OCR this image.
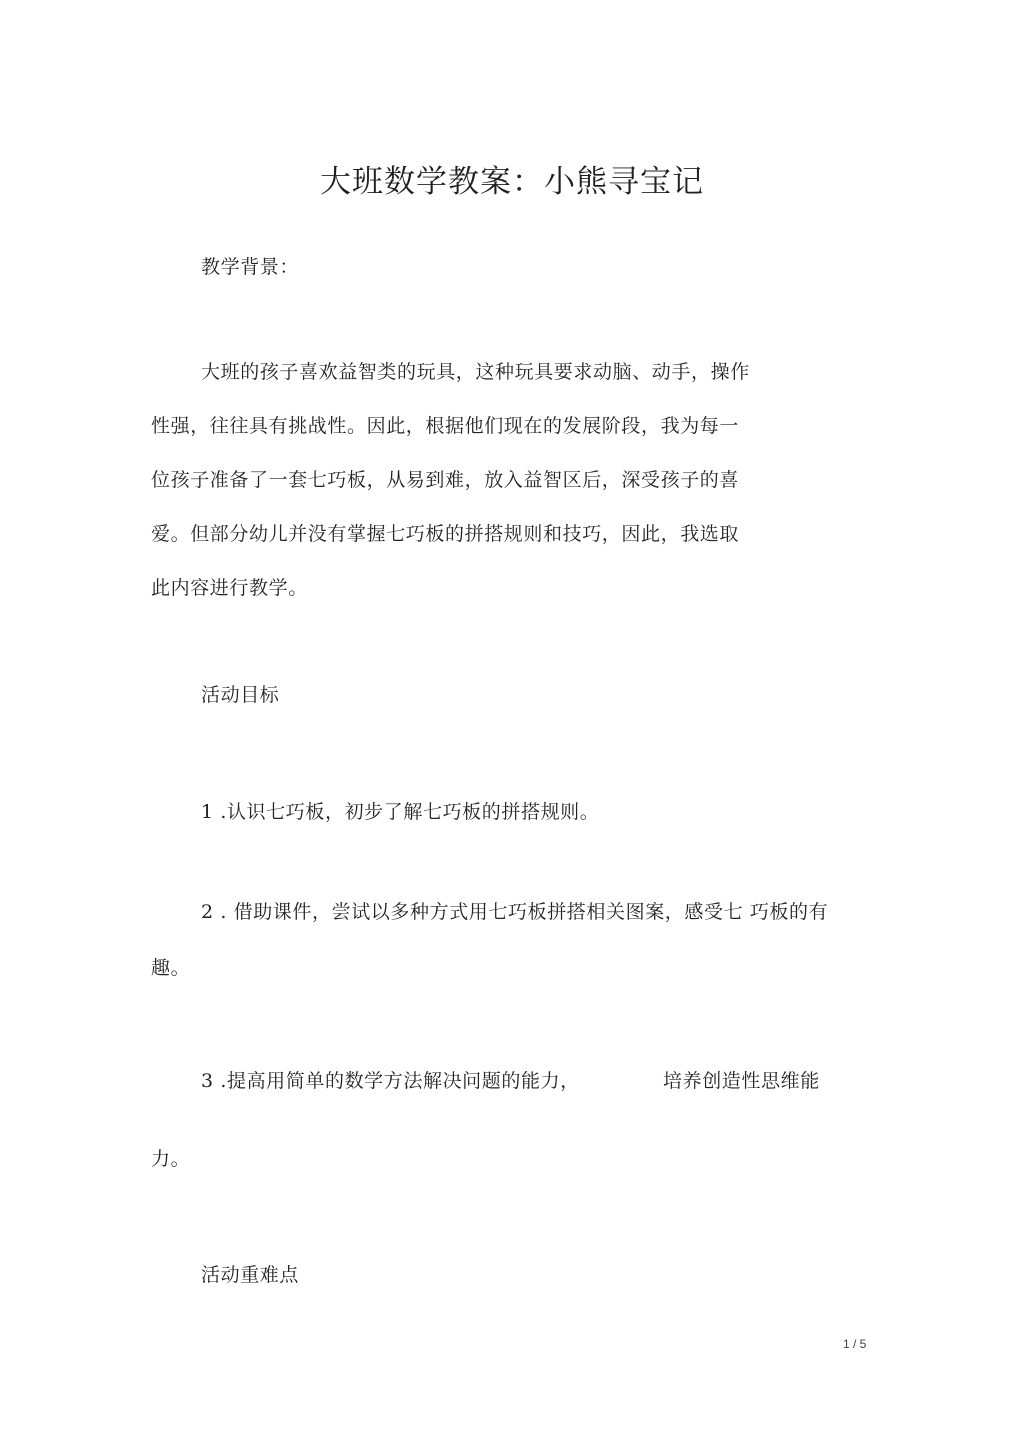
大班数学教案：小熊寻宝记

教学背景：

大班的孩子喜欢益智类的玩具，这种玩具要求动脑、动手，操作

性强，往往具有挑战性。因此，根据他们现在的发展阶段，我为每一

位孩子准备了一套七巧板，从易到难，放入益智区后，深受孩子的喜

爱。但部分幼儿并没有掌握七巧板的拼搭规则和技巧，因此，我选取

此内容进行教学。

活动目标

1 .认识七巧板，初步了解七巧板的拼搭规则。

2 . 借助课件，尝试以多种方式用七巧板拼搭相关图案，感受七 巧板的有

趣。

3 .提高用简单的数学方法解决问题的能力，	培养创造性思维能

力。

活动重难点

1 / 5
